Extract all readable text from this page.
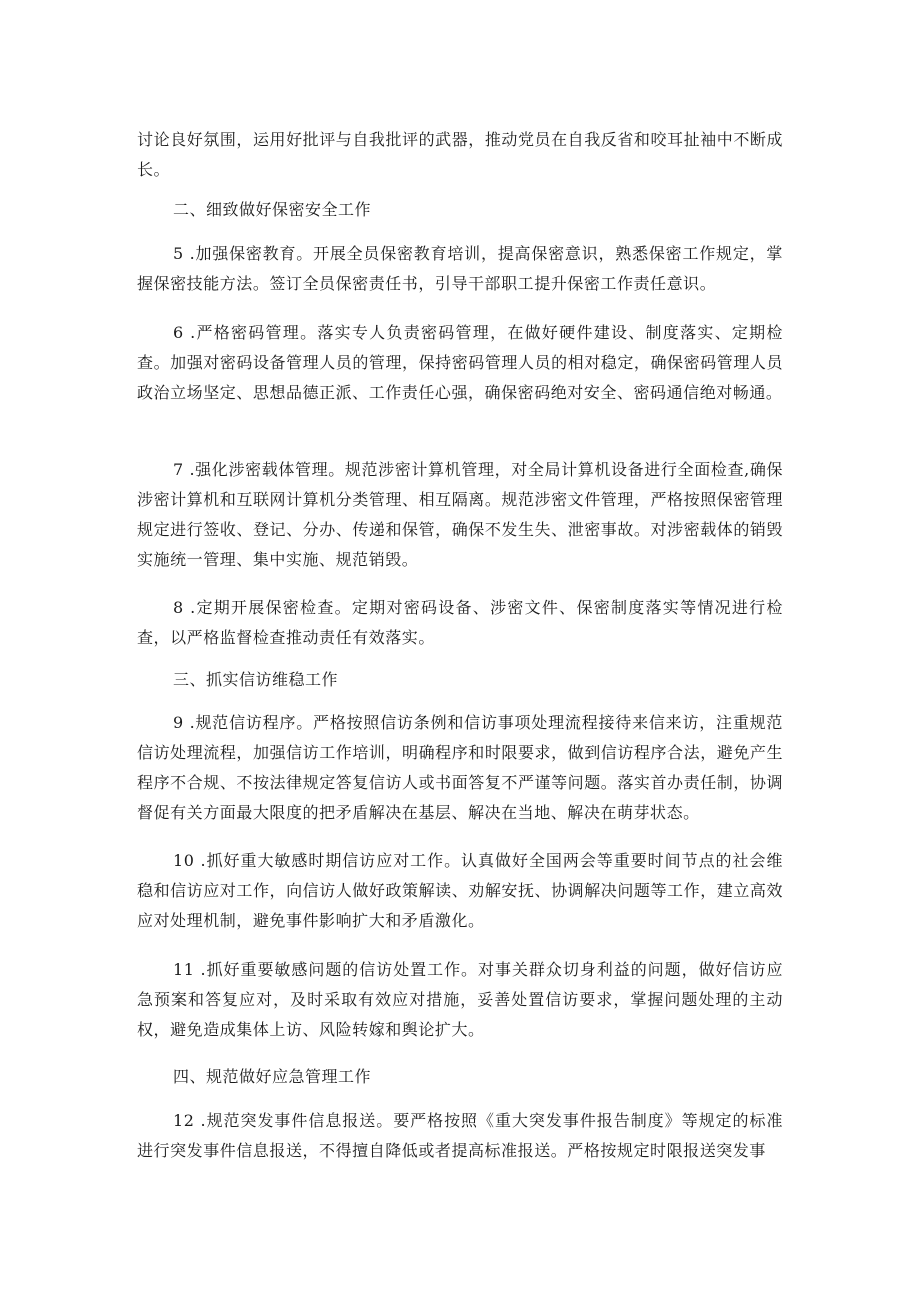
讨论良好氛围，运用好批评与自我批评的武器，推动党员在自我反省和咬耳扯袖中不断成长。

二、细致做好保密安全工作

5 .加强保密教育。开展全员保密教育培训，提高保密意识，熟悉保密工作规定，掌握保密技能方法。签订全员保密责任书，引导干部职工提升保密工作责任意识。

6 .严格密码管理。落实专人负责密码管理，在做好硬件建设、制度落实、定期检查。加强对密码设备管理人员的管理，保持密码管理人员的相对稳定，确保密码管理人员政治立场坚定、思想品德正派、工作责任心强，确保密码绝对安全、密码通信绝对畅通。

7 .强化涉密载体管理。规范涉密计算机管理，对全局计算机设备进行全面检查,确保涉密计算机和互联网计算机分类管理、相互隔离。规范涉密文件管理，严格按照保密管理规定进行签收、登记、分办、传递和保管，确保不发生失、泄密事故。对涉密载体的销毁实施统一管理、集中实施、规范销毁。

8 .定期开展保密检查。定期对密码设备、涉密文件、保密制度落实等情况进行检查，以严格监督检查推动责任有效落实。

三、抓实信访维稳工作

9 .规范信访程序。严格按照信访条例和信访事项处理流程接待来信来访，注重规范信访处理流程，加强信访工作培训，明确程序和时限要求，做到信访程序合法，避免产生程序不合规、不按法律规定答复信访人或书面答复不严谨等问题。落实首办责任制，协调督促有关方面最大限度的把矛盾解决在基层、解决在当地、解决在萌芽状态。

10 .抓好重大敏感时期信访应对工作。认真做好全国两会等重要时间节点的社会维稳和信访应对工作，向信访人做好政策解读、劝解安抚、协调解决问题等工作，建立高效应对处理机制，避免事件影响扩大和矛盾激化。

11 .抓好重要敏感问题的信访处置工作。对事关群众切身利益的问题，做好信访应急预案和答复应对，及时采取有效应对措施，妥善处置信访要求，掌握问题处理的主动权，避免造成集体上访、风险转嫁和舆论扩大。

四、规范做好应急管理工作

12 .规范突发事件信息报送。要严格按照《重大突发事件报告制度》等规定的标准进行突发事件信息报送，不得擅自降低或者提高标准报送。严格按规定时限报送突发事
